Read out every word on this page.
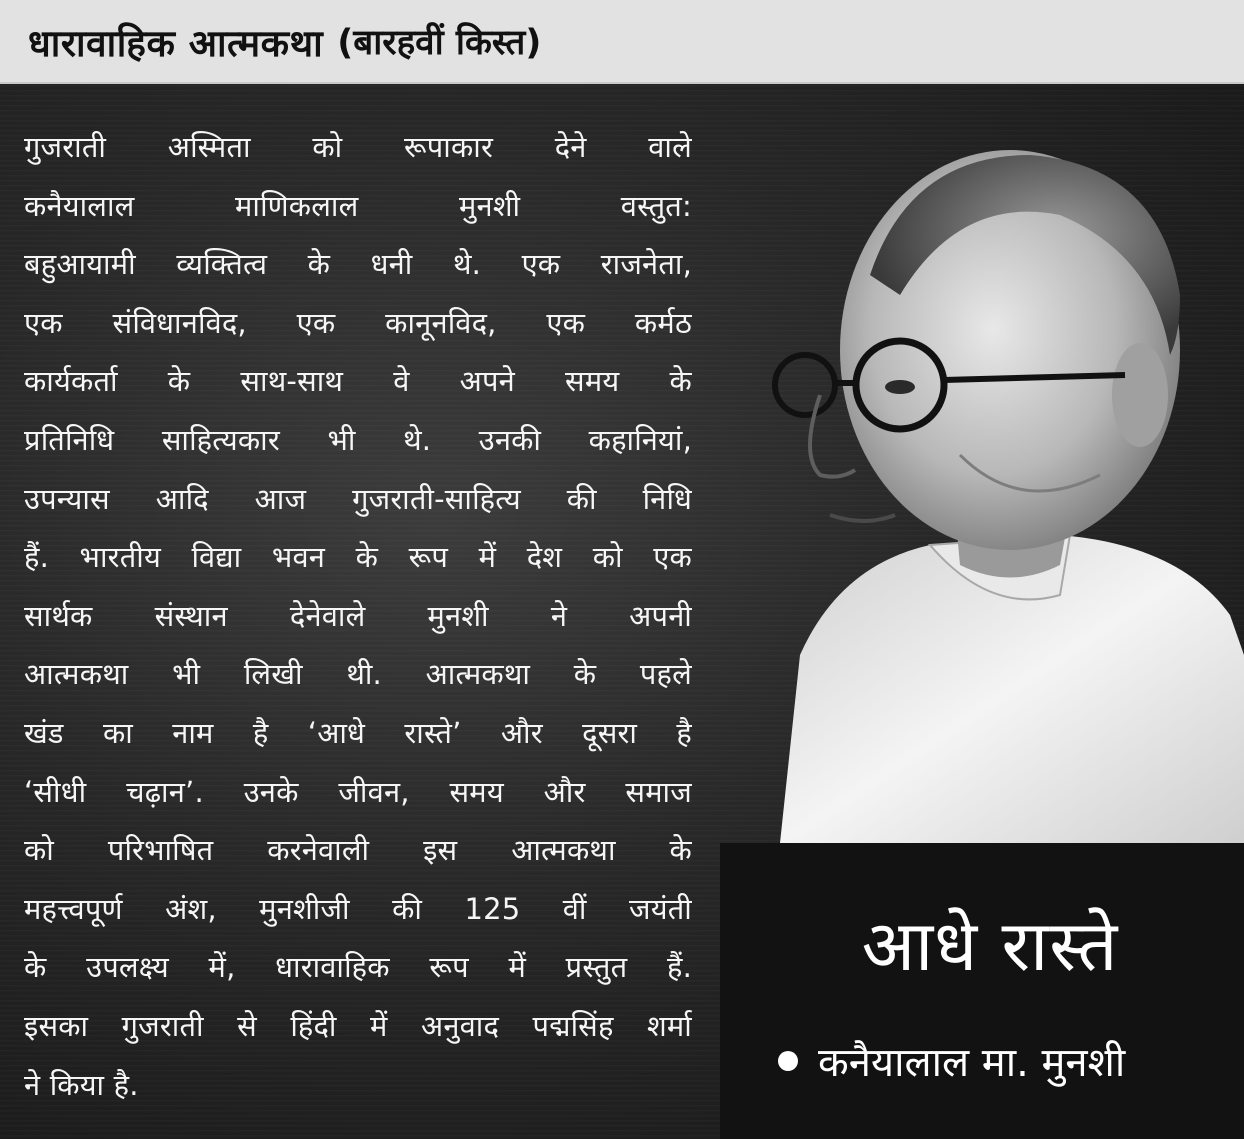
धारावाहिक आत्मकथा (बारहवीं किस्त)
गुजराती अस्मिता को रूपाकार देने वाले
कनैयालाल माणिकलाल मुनशी वस्तुत:
बहुआयामी व्यक्तित्व के धनी थे. एक राजनेता,
एक संविधानविद, एक कानूनविद, एक कर्मठ
कार्यकर्ता के साथ-साथ वे अपने समय के
प्रतिनिधि साहित्यकार भी थे. उनकी कहानियां,
उपन्यास आदि आज गुजराती-साहित्य की निधि
हैं. भारतीय विद्या भवन के रूप में देश को एक
सार्थक संस्थान देनेवाले मुनशी ने अपनी
आत्मकथा भी लिखी थी. आत्मकथा के पहले
खंड का नाम है ‘आधे रास्ते’ और दूसरा है
‘सीधी चढ़ान’. उनके जीवन, समय और समाज
को परिभाषित करनेवाली इस आत्मकथा के
महत्त्वपूर्ण अंश, मुनशीजी की 125 वीं जयंती
के उपलक्ष्य में, धारावाहिक रूप में प्रस्तुत हैं.
इसका गुजराती से हिंदी में अनुवाद पद्मसिंह शर्मा
ने किया है.
आधे रास्ते
कनैयालाल मा. मुनशी
